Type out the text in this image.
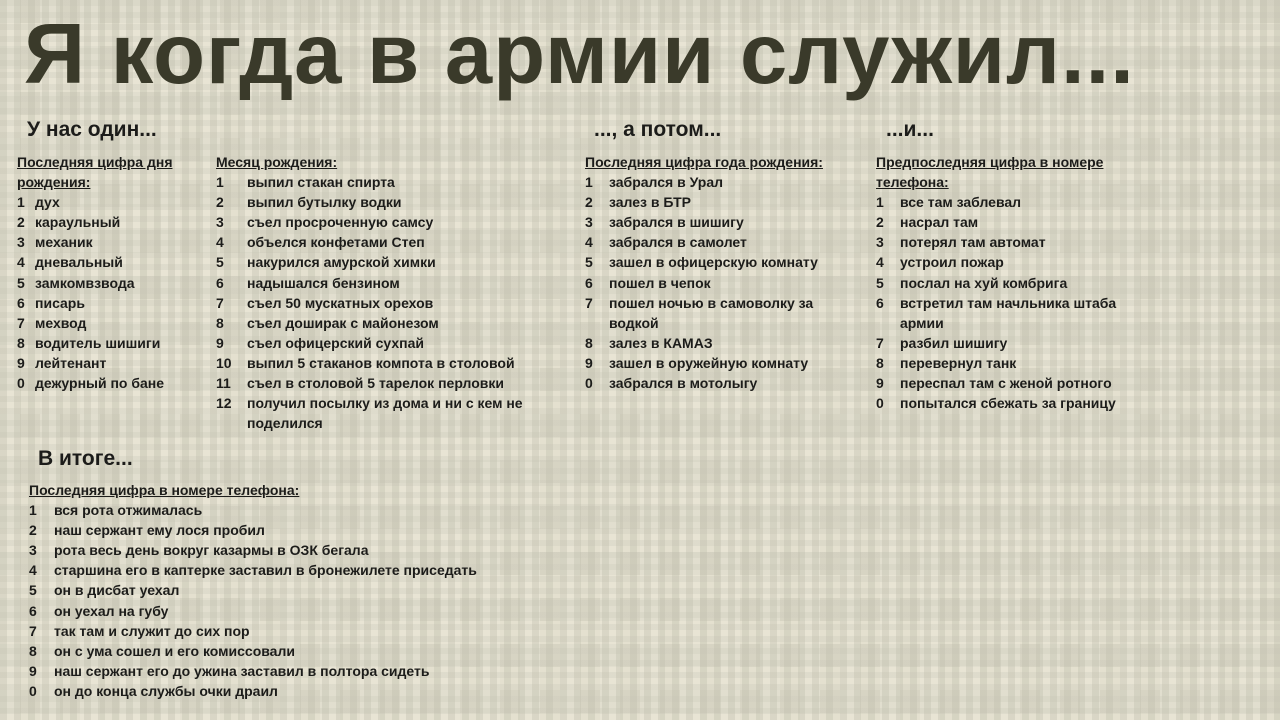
Я когда в армии служил...
У нас один...	..., а потом...	...и...
В итоге...
Последняя цифра дня рождения:
1 дух
2 караульный
3 механик
4 дневальный
5 замкомвзвода
6 писарь
7 мехвод
8 водитель шишиги
9 лейтенант
0 дежурный по бане
Месяц рождения:
1	выпил стакан спирта
2	выпил бутылку водки
3	съел просроченную самсу
4	объелся конфетами Степ
5	накурился амурской химки
6	надышался бензином
7	съел 50 мускатных орехов
8	съел доширак с майонезом
9	съел офицерский сухпай
10	выпил 5 стаканов компота в столовой
11	съел в столовой 5 тарелок перловки
12	получил посылку из дома и ни с кем не поделился
Последняя цифра года рождения:
1	забрался в Урал
2	залез в БТР
3	забрался в шишигу
4	забрался в самолет
5	зашел в офицерскую комнату
6	пошел в чепок
7	пошел ночью в самоволку за водкой
8	залез в КАМАЗ
9	зашел в оружейную комнату
0	забрался в мотолыгу
Предпоследняя цифра в номере телефона:
1	все там заблевал
2	насрал там
3	потерял там автомат
4	устроил пожар
5	послал на хуй комбрига
6	встретил там начльника штаба армии
7	разбил шишигу
8	перевернул танк
9	переспал там с женой ротного
0	попытался сбежать за границу
Последняя цифра в номере телефона:
1	вся рота отжималась
2	наш сержант ему лося пробил
3	рота весь день вокруг казармы в ОЗК бегала
4	старшина его в каптерке заставил в бронежилете приседать
5	он в дисбат уехал
6	он уехал на губу
7	так там и служит до сих пор
8	он с ума сошел и его комиссовали
9	наш сержант его до ужина заставил в полтора сидеть
0	он до конца службы очки драил
